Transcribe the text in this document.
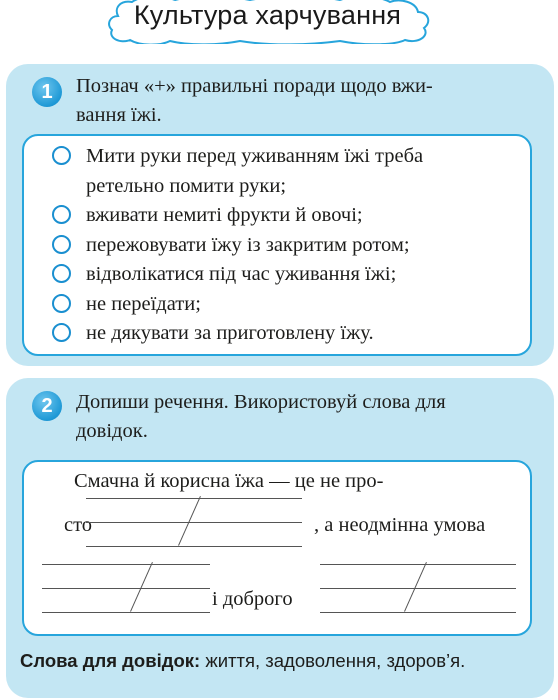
Культура харчування
1	Познач «+» правильні поради щодо вжи-
вання їжі.
Мити руки перед уживанням їжі треба
ретельно помити руки;
вживати немиті фрукти й овочі;
пережовувати їжу із закритим ротом;
відволікатися під час уживання їжі;
не переїдати;
не дякувати за приготовлену їжу.
2	Допиши речення. Використовуй слова для
довідок.
Смачна й корисна їжа — це не про-
сто	, а неодмінна умова
і доброго
Слова для довідок: життя, задоволення, здоров’я.
